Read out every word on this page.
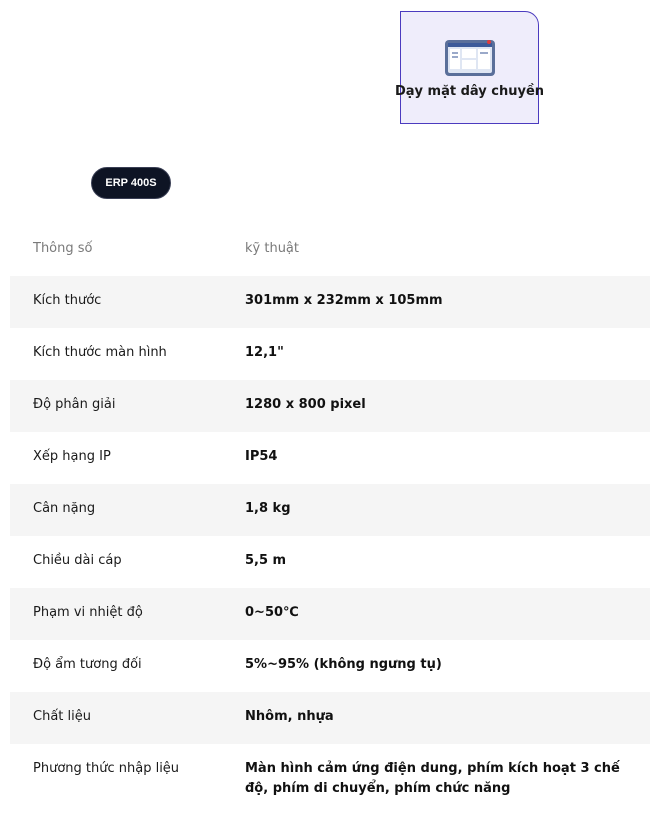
Dạy mặt dây chuyền
ERP 400S
Thông số	kỹ thuật
Kích thước	301mm x 232mm x 105mm
Kích thước màn hình	12,1"
Độ phân giải	1280 x 800 pixel
Xếp hạng IP	IP54
Cân nặng	1,8 kg
Chiều dài cáp	5,5 m
Phạm vi nhiệt độ	0~50℃
Độ ẩm tương đối	5%~95% (không ngưng tụ)
Chất liệu	Nhôm, nhựa
Phương thức nhập liệu	Màn hình cảm ứng điện dung, phím kích hoạt 3 chế độ, phím di chuyển, phím chức năng
